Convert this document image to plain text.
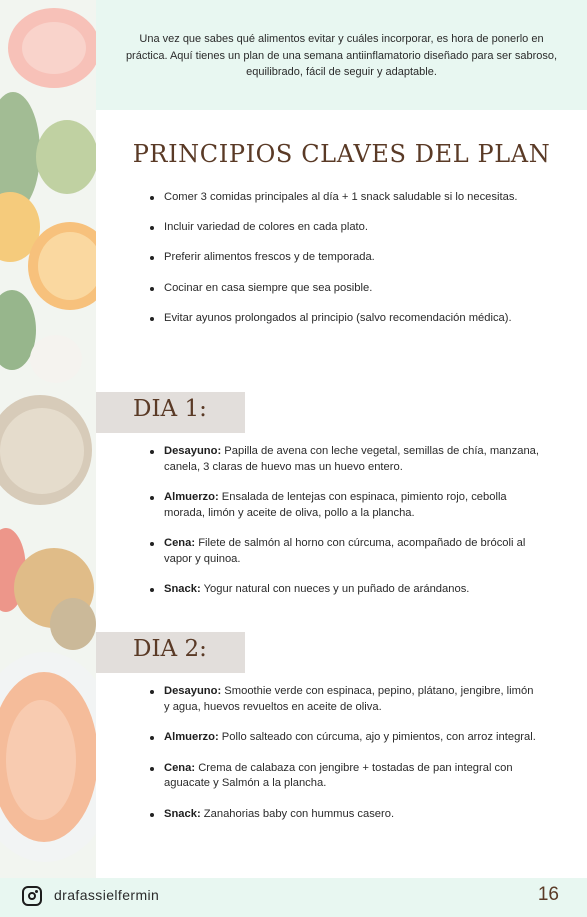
Una vez que sabes qué alimentos evitar y cuáles incorporar, es hora de ponerlo en práctica. Aquí tienes un plan de una semana antiinflamatorio diseñado para ser sabroso, equilibrado, fácil de seguir y adaptable.

PRINCIPIOS CLAVES DEL PLAN
Comer 3 comidas principales al día + 1 snack saludable si lo necesitas.
Incluir variedad de colores en cada plato.
Preferir alimentos frescos y de temporada.
Cocinar en casa siempre que sea posible.
Evitar ayunos prolongados al principio (salvo recomendación médica).
DIA 1:
Desayuno: Papilla de avena con leche vegetal, semillas de chía, manzana, canela, 3 claras de huevo mas un huevo entero.
Almuerzo: Ensalada de lentejas con espinaca, pimiento rojo, cebolla morada, limón y aceite de oliva, pollo a la plancha.
Cena: Filete de salmón al horno con cúrcuma, acompañado de brócoli al vapor y quinoa.
Snack: Yogur natural con nueces y un puñado de arándanos.
DIA 2:
Desayuno: Smoothie verde con espinaca, pepino, plátano, jengibre, limón y agua, huevos revueltos en aceite de oliva.
Almuerzo: Pollo salteado con cúrcuma, ajo y pimientos, con arroz integral.
Cena: Crema de calabaza con jengibre + tostadas de pan integral con aguacate y Salmón a la plancha.
Snack: Zanahorias baby con hummus casero.
drafassielfermin	16
